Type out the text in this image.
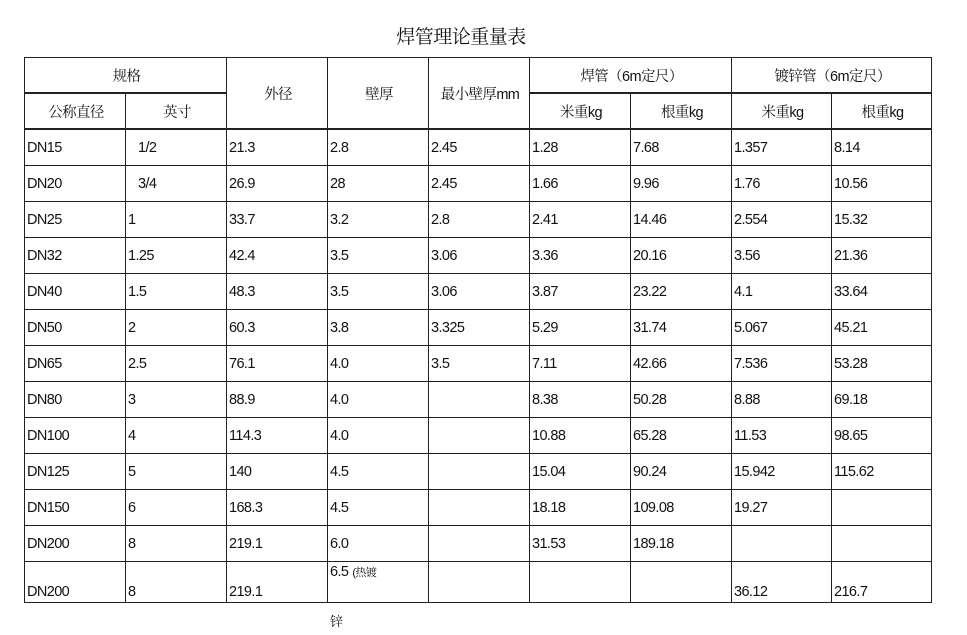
焊管理论重量表
规格		外径	壁厚	最小壁厚mm	焊管（6m定尺）		镀锌管（6m定尺）	
公称直径	英寸				米重kg	根重kg	米重kg	根重kg
DN15	1/2	21.3	2.8	2.45	1.28	7.68	1.357	8.14
DN20	3/4	26.9	28	2.45	1.66	9.96	1.76	10.56
DN25	1	33.7	3.2	2.8	2.41	14.46	2.554	15.32
DN32	1.25	42.4	3.5	3.06	3.36	20.16	3.56	21.36
DN40	1.5	48.3	3.5	3.06	3.87	23.22	4.1	33.64
DN50	2	60.3	3.8	3.325	5.29	31.74	5.067	45.21
DN65	2.5	76.1	4.0	3.5	7.11	42.66	7.536	53.28
DN80	3	88.9	4.0		8.38	50.28	8.88	69.18
DN100	4	114.3	4.0		10.88	65.28	11.53	98.65
DN125	5	140	4.5		15.04	90.24	15.942	115.62
DN150	6	168.3	4.5		18.18	109.08	19.27	
DN200	8	219.1	6.0		31.53	189.18		
DN200	8	219.1	6.5 (热镀				36.12	216.7
锌
